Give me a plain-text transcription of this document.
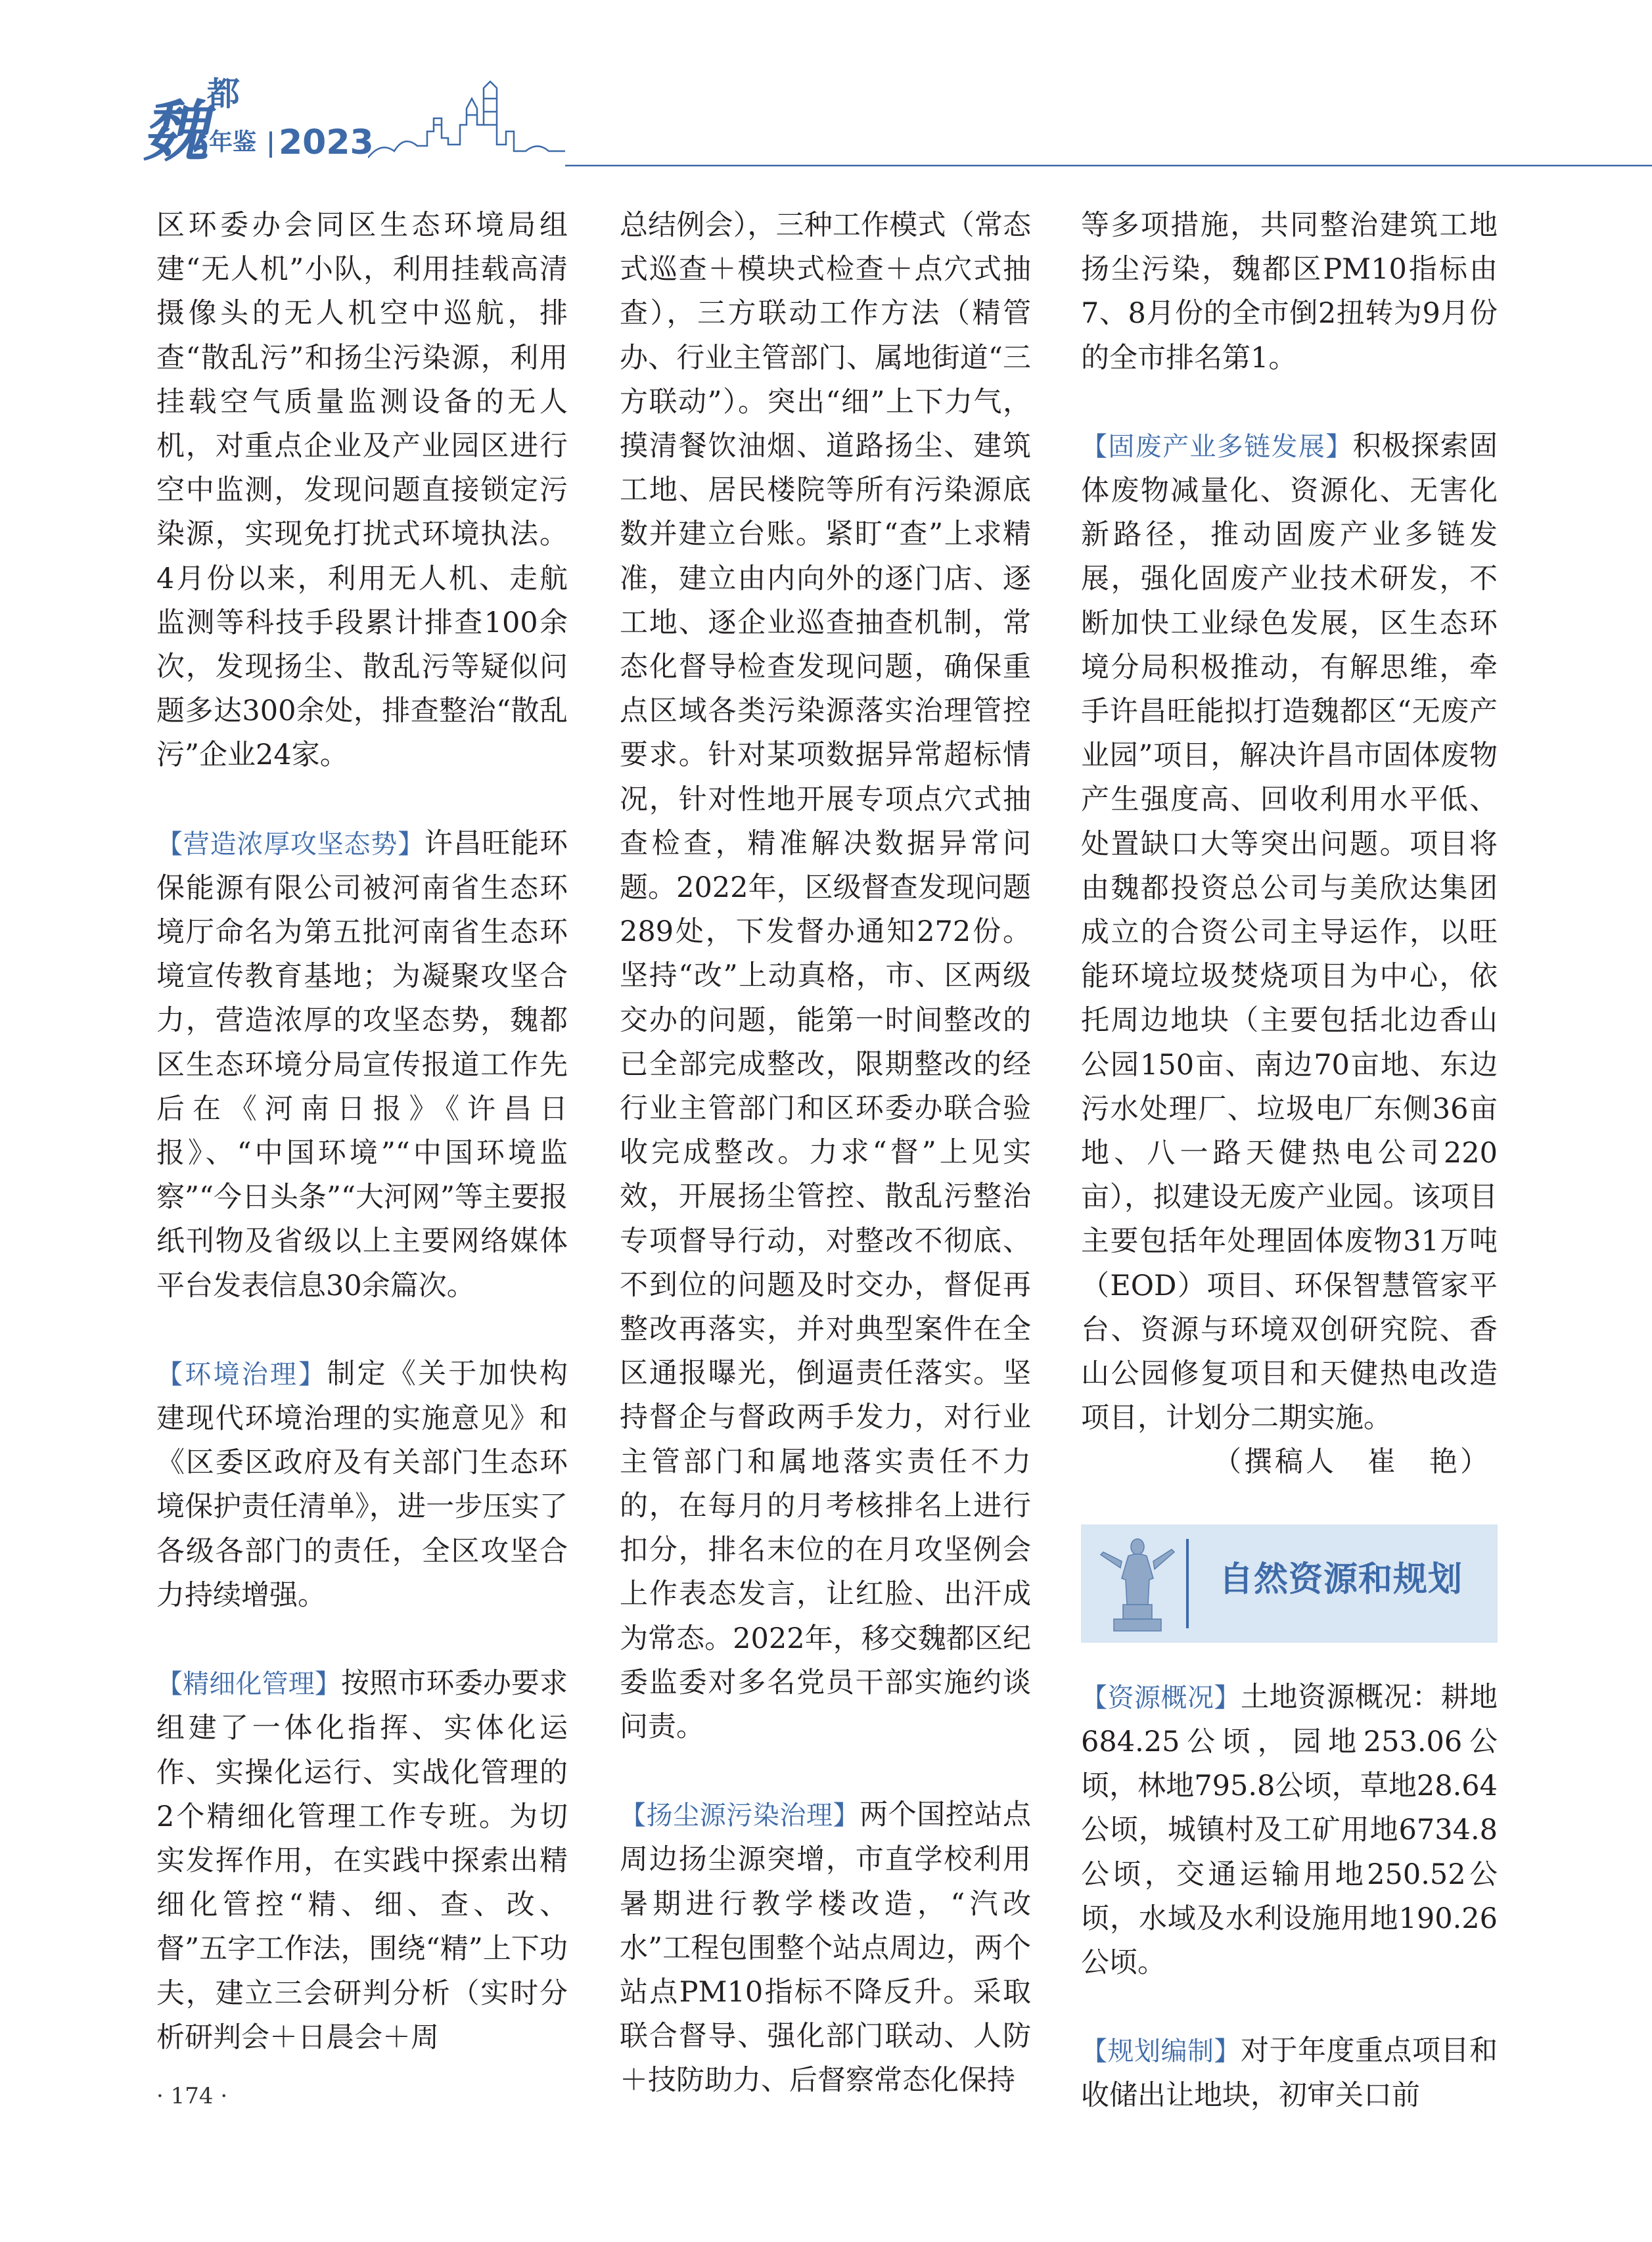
魏
都
年鉴 2023

区环委办会同区生态环境局组建“无人机”小队，利用挂载高清摄像头的无人机空中巡航，排查“散乱污”和扬尘污染源，利用挂载空气质量监测设备的无人机，对重点企业及产业园区进行空中监测，发现问题直接锁定污染源，实现免打扰式环境执法。4月份以来，利用无人机、走航监测等科技手段累计排查100余次，发现扬尘、散乱污等疑似问题多达300余处，排查整治“散乱污”企业24家。

【营造浓厚攻坚态势】许昌旺能环保能源有限公司被河南省生态环境厅命名为第五批河南省生态环境宣传教育基地；为凝聚攻坚合力，营造浓厚的攻坚态势，魏都区生态环境分局宣传报道工作先后在《河南日报》《许昌日报》、“中国环境”“中国环境监察”“今日头条”“大河网”等主要报纸刊物及省级以上主要网络媒体平台发表信息30余篇次。

【环境治理】制定《关于加快构建现代环境治理的实施意见》和《区委区政府及有关部门生态环境保护责任清单》，进一步压实了各级各部门的责任，全区攻坚合力持续增强。

【精细化管理】按照市环委办要求组建了一体化指挥、实体化运作、实操化运行、实战化管理的2个精细化管理工作专班。为切实发挥作用，在实践中探索出精细化管控“精、细、查、改、督”五字工作法，围绕“精”上下功夫，建立三会研判分析（实时分析研判会＋日晨会＋周

总结例会），三种工作模式（常态式巡查＋模块式检查＋点穴式抽查），三方联动工作方法（精管办、行业主管部门、属地街道“三方联动”）。突出“细”上下力气，摸清餐饮油烟、道路扬尘、建筑工地、居民楼院等所有污染源底数并建立台账。紧盯“查”上求精准，建立由内向外的逐门店、逐工地、逐企业巡查抽查机制，常态化督导检查发现问题，确保重点区域各类污染源落实治理管控要求。针对某项数据异常超标情况，针对性地开展专项点穴式抽查检查，精准解决数据异常问题。2022年，区级督查发现问题289处，下发督办通知272份。坚持“改”上动真格，市、区两级交办的问题，能第一时间整改的已全部完成整改，限期整改的经行业主管部门和区环委办联合验收完成整改。力求“督”上见实效，开展扬尘管控、散乱污整治专项督导行动，对整改不彻底、不到位的问题及时交办，督促再整改再落实，并对典型案件在全区通报曝光，倒逼责任落实。坚持督企与督政两手发力，对行业主管部门和属地落实责任不力的，在每月的月考核排名上进行扣分，排名末位的在月攻坚例会上作表态发言，让红脸、出汗成为常态。2022年，移交魏都区纪委监委对多名党员干部实施约谈问责。

【扬尘源污染治理】两个国控站点周边扬尘源突增，市直学校利用暑期进行教学楼改造，“汽改水”工程包围整个站点周边，两个站点PM10指标不降反升。采取联合督导、强化部门联动、人防＋技防助力、后督察常态化保持

等多项措施，共同整治建筑工地扬尘污染，魏都区PM10指标由7、8月份的全市倒2扭转为9月份的全市排名第1。

【固废产业多链发展】积极探索固体废物减量化、资源化、无害化新路径，推动固废产业多链发展，强化固废产业技术研发，不断加快工业绿色发展，区生态环境分局积极推动，有解思维，牵手许昌旺能拟打造魏都区“无废产业园”项目，解决许昌市固体废物产生强度高、回收利用水平低、处置缺口大等突出问题。项目将由魏都投资总公司与美欣达集团成立的合资公司主导运作，以旺能环境垃圾焚烧项目为中心，依托周边地块（主要包括北边香山公园150亩、南边70亩地、东边污水处理厂、垃圾电厂东侧36亩地、八一路天健热电公司220亩），拟建设无废产业园。该项目主要包括年处理固体废物31万吨（EOD）项目、环保智慧管家平台、资源与环境双创研究院、香山公园修复项目和天健热电改造项目，计划分二期实施。

（撰稿人　崔　艳）

自然资源和规划

【资源概况】土地资源概况：耕地684.25公顷，园地253.06公顷，林地795.8公顷，草地28.64公顷，城镇村及工矿用地6734.8公顷，交通运输用地250.52公顷，水域及水利设施用地190.26公顷。

【规划编制】对于年度重点项目和收储出让地块，初审关口前

· 174 ·
